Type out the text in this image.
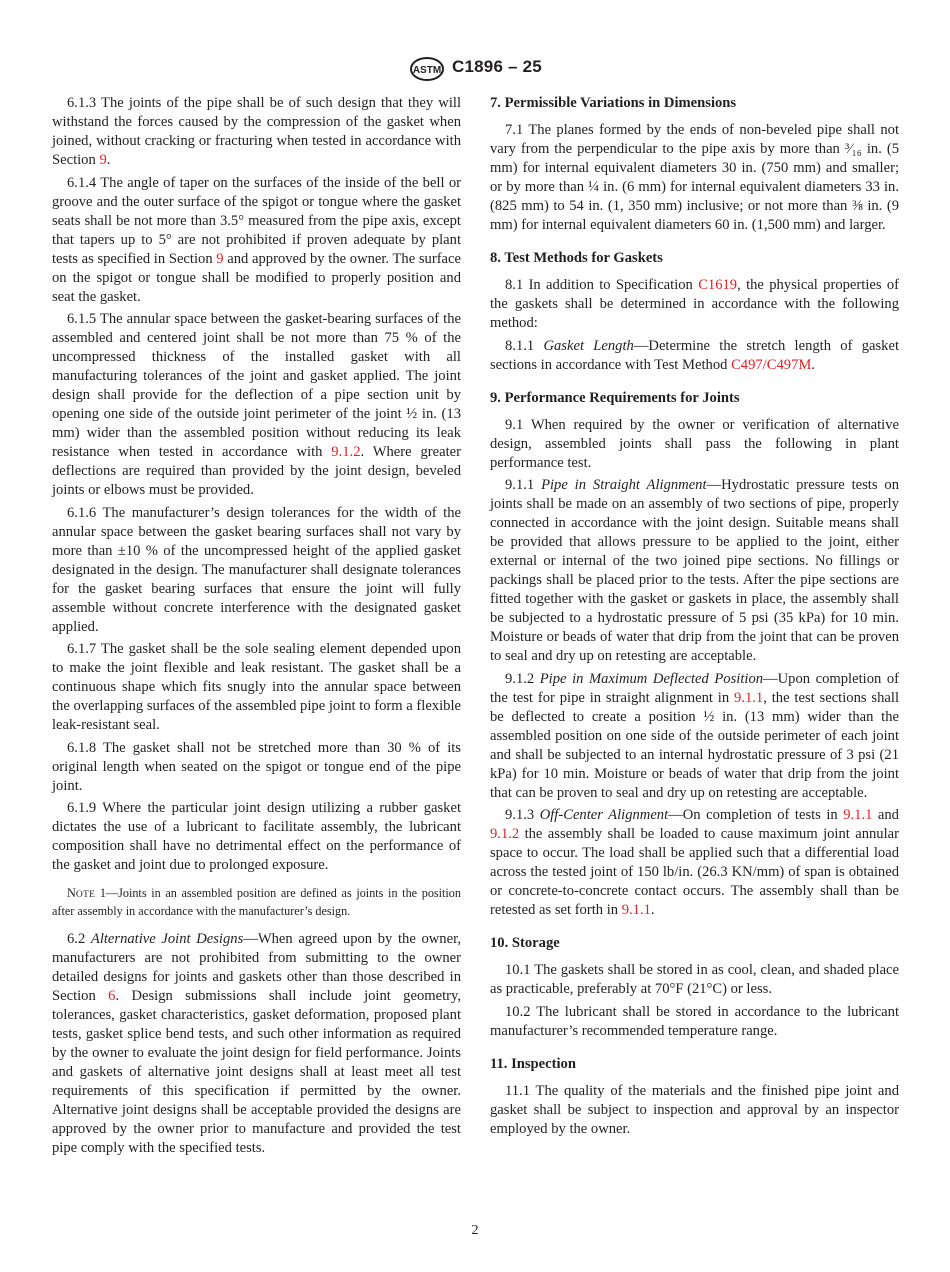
ASTM C1896 – 25

6.1.3 The joints of the pipe shall be of such design that they will withstand the forces caused by the compression of the gasket when joined, without cracking or fracturing when tested in accordance with Section 9.

6.1.4 The angle of taper on the surfaces of the inside of the bell or groove and the outer surface of the spigot or tongue where the gasket seats shall be not more than 3.5° measured from the pipe axis, except that tapers up to 5° are not prohibited if proven adequate by plant tests as specified in Section 9 and approved by the owner. The surface on the spigot or tongue shall be modified to properly position and seat the gasket.

6.1.5 The annular space between the gasket-bearing surfaces of the assembled and centered joint shall be not more than 75 % of the uncompressed thickness of the installed gasket with all manufacturing tolerances of the joint and gasket applied. The joint design shall provide for the deflection of a pipe section unit by opening one side of the outside joint perimeter of the joint ½ in. (13 mm) wider than the assembled position without reducing its leak resistance when tested in accordance with 9.1.2. Where greater deflections are required than provided by the joint design, beveled joints or elbows must be provided.

6.1.6 The manufacturer’s design tolerances for the width of the annular space between the gasket bearing surfaces shall not vary by more than ±10 % of the uncompressed height of the applied gasket designated in the design. The manufacturer shall designate tolerances for the gasket bearing surfaces that ensure the joint will fully assemble without concrete interference with the designated gasket applied.

6.1.7 The gasket shall be the sole sealing element depended upon to make the joint flexible and leak resistant. The gasket shall be a continuous shape which fits snugly into the annular space between the overlapping surfaces of the assembled pipe joint to form a flexible leak-resistant seal.

6.1.8 The gasket shall not be stretched more than 30 % of its original length when seated on the spigot or tongue end of the pipe joint.

6.1.9 Where the particular joint design utilizing a rubber gasket dictates the use of a lubricant to facilitate assembly, the lubricant composition shall have no detrimental effect on the performance of the gasket and joint due to prolonged exposure.

NOTE 1—Joints in an assembled position are defined as joints in the position after assembly in accordance with the manufacturer’s design.

6.2 Alternative Joint Designs—When agreed upon by the owner, manufacturers are not prohibited from submitting to the owner detailed designs for joints and gaskets other than those described in Section 6. Design submissions shall include joint geometry, tolerances, gasket characteristics, gasket deformation, proposed plant tests, gasket splice bend tests, and such other information as required by the owner to evaluate the joint design for field performance. Joints and gaskets of alternative joint designs shall at least meet all test requirements of this specification if permitted by the owner. Alternative joint designs shall be acceptable provided the designs are approved by the owner prior to manufacture and provided the test pipe comply with the specified tests.

7. Permissible Variations in Dimensions

7.1 The planes formed by the ends of non-beveled pipe shall not vary from the perpendicular to the pipe axis by more than ³⁄₁₆ in. (5 mm) for internal equivalent diameters 30 in. (750 mm) and smaller; or by more than ¼ in. (6 mm) for internal equivalent diameters 33 in. (825 mm) to 54 in. (1, 350 mm) inclusive; or not more than ⅜ in. (9 mm) for internal equivalent diameters 60 in. (1,500 mm) and larger.

8. Test Methods for Gaskets

8.1 In addition to Specification C1619, the physical properties of the gaskets shall be determined in accordance with the following method:

8.1.1 Gasket Length—Determine the stretch length of gasket sections in accordance with Test Method C497/C497M.

9. Performance Requirements for Joints

9.1 When required by the owner or verification of alternative design, assembled joints shall pass the following in plant performance test.

9.1.1 Pipe in Straight Alignment—Hydrostatic pressure tests on joints shall be made on an assembly of two sections of pipe, properly connected in accordance with the joint design. Suitable means shall be provided that allows pressure to be applied to the joint, either external or internal of the two joined pipe sections. No fillings or packings shall be placed prior to the tests. After the pipe sections are fitted together with the gasket or gaskets in place, the assembly shall be subjected to a hydrostatic pressure of 5 psi (35 kPa) for 10 min. Moisture or beads of water that drip from the joint that can be proven to seal and dry up on retesting are acceptable.

9.1.2 Pipe in Maximum Deflected Position—Upon completion of the test for pipe in straight alignment in 9.1.1, the test sections shall be deflected to create a position ½ in. (13 mm) wider than the assembled position on one side of the outside perimeter of each joint and shall be subjected to an internal hydrostatic pressure of 3 psi (21 kPa) for 10 min. Moisture or beads of water that drip from the joint that can be proven to seal and dry up on retesting are acceptable.

9.1.3 Off-Center Alignment—On completion of tests in 9.1.1 and 9.1.2 the assembly shall be loaded to cause maximum joint annular space to occur. The load shall be applied such that a differential load across the tested joint of 150 lb/in. (26.3 KN/mm) of span is obtained or concrete-to-concrete contact occurs. The assembly shall than be retested as set forth in 9.1.1.

10. Storage

10.1 The gaskets shall be stored in as cool, clean, and shaded place as practicable, preferably at 70°F (21°C) or less.

10.2 The lubricant shall be stored in accordance to the lubricant manufacturer’s recommended temperature range.

11. Inspection

11.1 The quality of the materials and the finished pipe joint and gasket shall be subject to inspection and approval by an inspector employed by the owner.

2
